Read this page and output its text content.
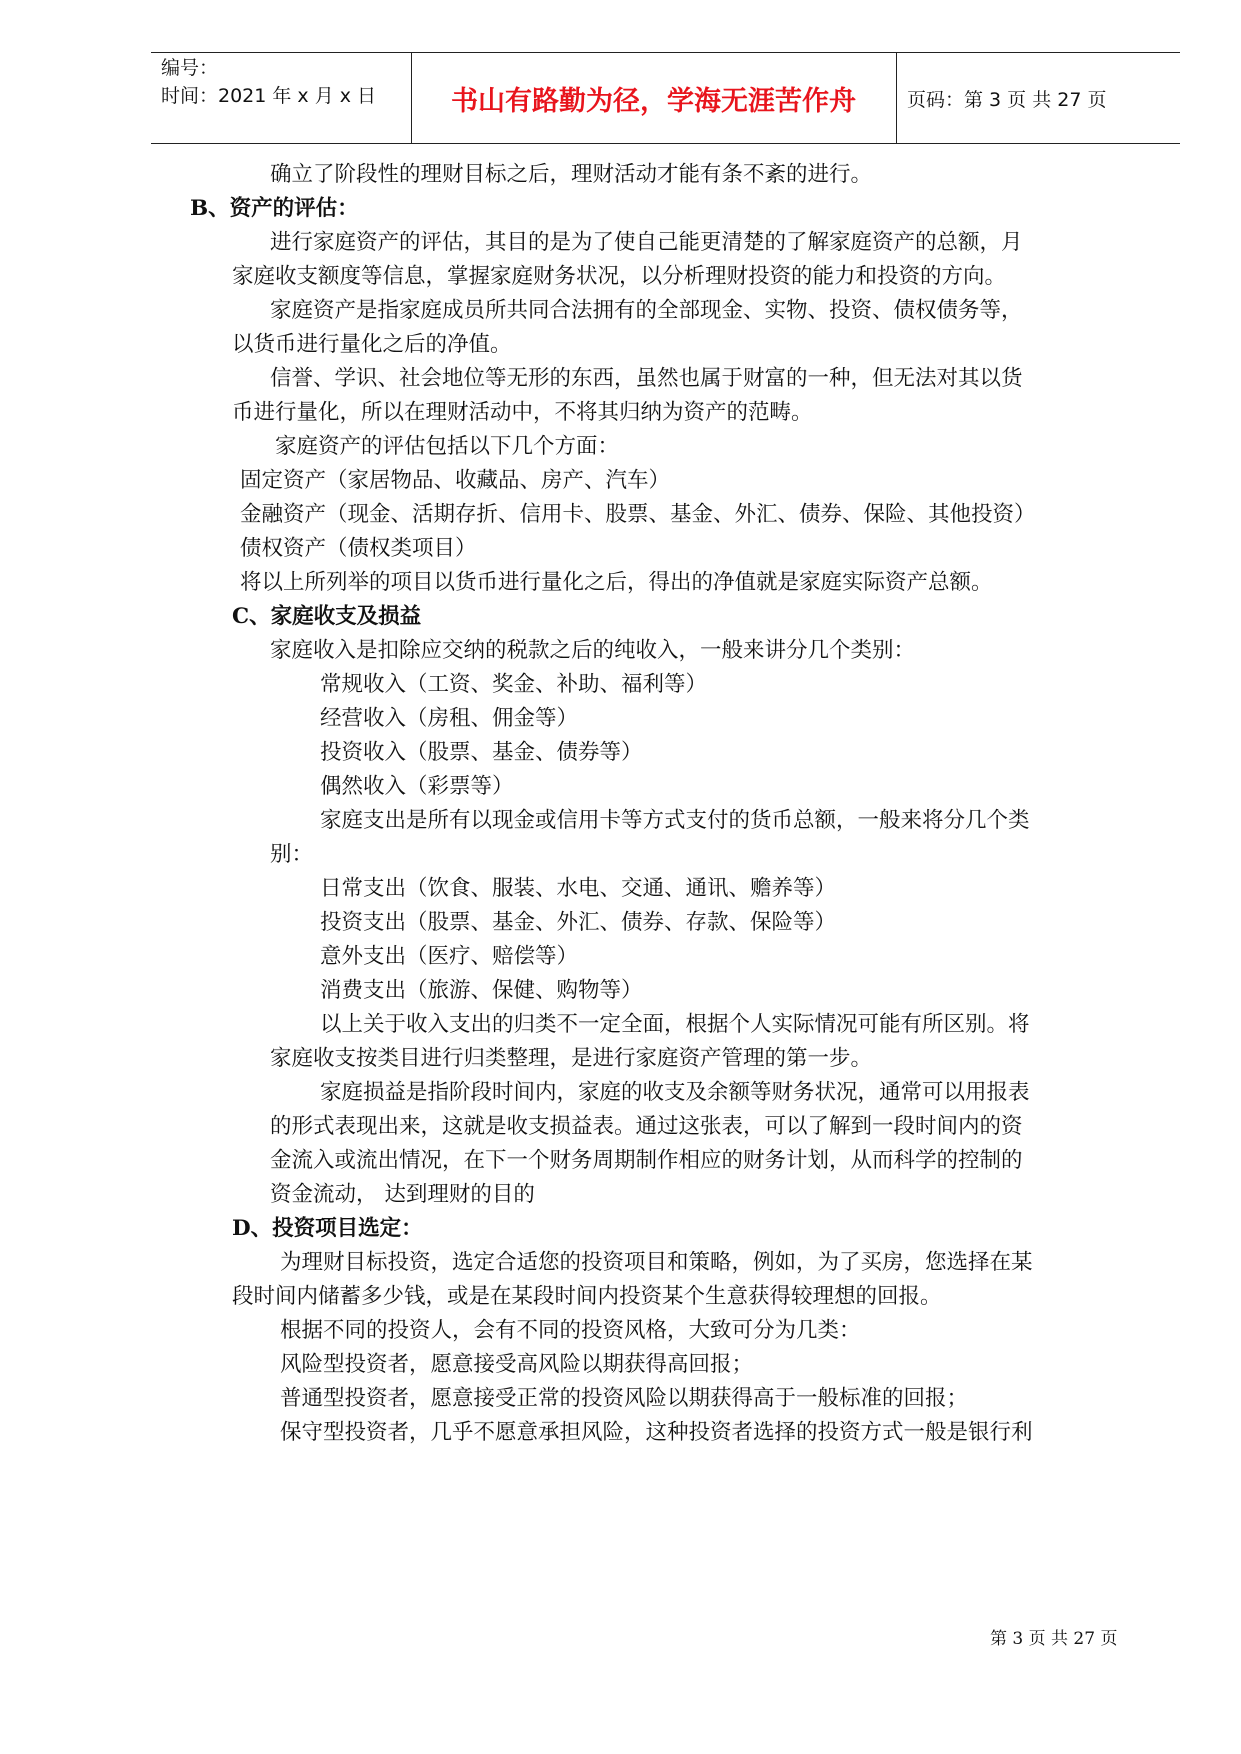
编号：
时间：2021 年 x 月 x 日	书山有路勤为径，学海无涯苦作舟	页码：第 3 页 共 27 页
确立了阶段性的理财目标之后，理财活动才能有条不紊的进行。
B、资产的评估：
进行家庭资产的评估，其目的是为了使自己能更清楚的了解家庭资产的总额，月
家庭收支额度等信息，掌握家庭财务状况，以分析理财投资的能力和投资的方向。
家庭资产是指家庭成员所共同合法拥有的全部现金、实物、投资、债权债务等，
以货币进行量化之后的净值。
信誉、学识、社会地位等无形的东西，虽然也属于财富的一种，但无法对其以货
币进行量化，所以在理财活动中，不将其归纳为资产的范畴。
家庭资产的评估包括以下几个方面：
固定资产（家居物品、收藏品、房产、汽车）
金融资产（现金、活期存折、信用卡、股票、基金、外汇、债券、保险、其他投资）
债权资产（债权类项目）
将以上所列举的项目以货币进行量化之后，得出的净值就是家庭实际资产总额。
C、家庭收支及损益
家庭收入是扣除应交纳的税款之后的纯收入，一般来讲分几个类别：
常规收入（工资、奖金、补助、福利等）
经营收入（房租、佣金等）
投资收入（股票、基金、债券等）
偶然收入（彩票等）
家庭支出是所有以现金或信用卡等方式支付的货币总额，一般来将分几个类
别：
日常支出（饮食、服装、水电、交通、通讯、赡养等）
投资支出（股票、基金、外汇、债券、存款、保险等）
意外支出（医疗、赔偿等）
消费支出（旅游、保健、购物等）
以上关于收入支出的归类不一定全面，根据个人实际情况可能有所区别。将
家庭收支按类目进行归类整理，是进行家庭资产管理的第一步。
家庭损益是指阶段时间内，家庭的收支及余额等财务状况，通常可以用报表
的形式表现出来，这就是收支损益表。通过这张表，可以了解到一段时间内的资
金流入或流出情况，在下一个财务周期制作相应的财务计划，从而科学的控制的
资金流动， 达到理财的目的
D、投资项目选定：
为理财目标投资，选定合适您的投资项目和策略，例如，为了买房，您选择在某
段时间内储蓄多少钱，或是在某段时间内投资某个生意获得较理想的回报。
根据不同的投资人，会有不同的投资风格，大致可分为几类：
风险型投资者，愿意接受高风险以期获得高回报；
普通型投资者，愿意接受正常的投资风险以期获得高于一般标准的回报；
保守型投资者，几乎不愿意承担风险，这种投资者选择的投资方式一般是银行利
第 3 页 共 27 页
